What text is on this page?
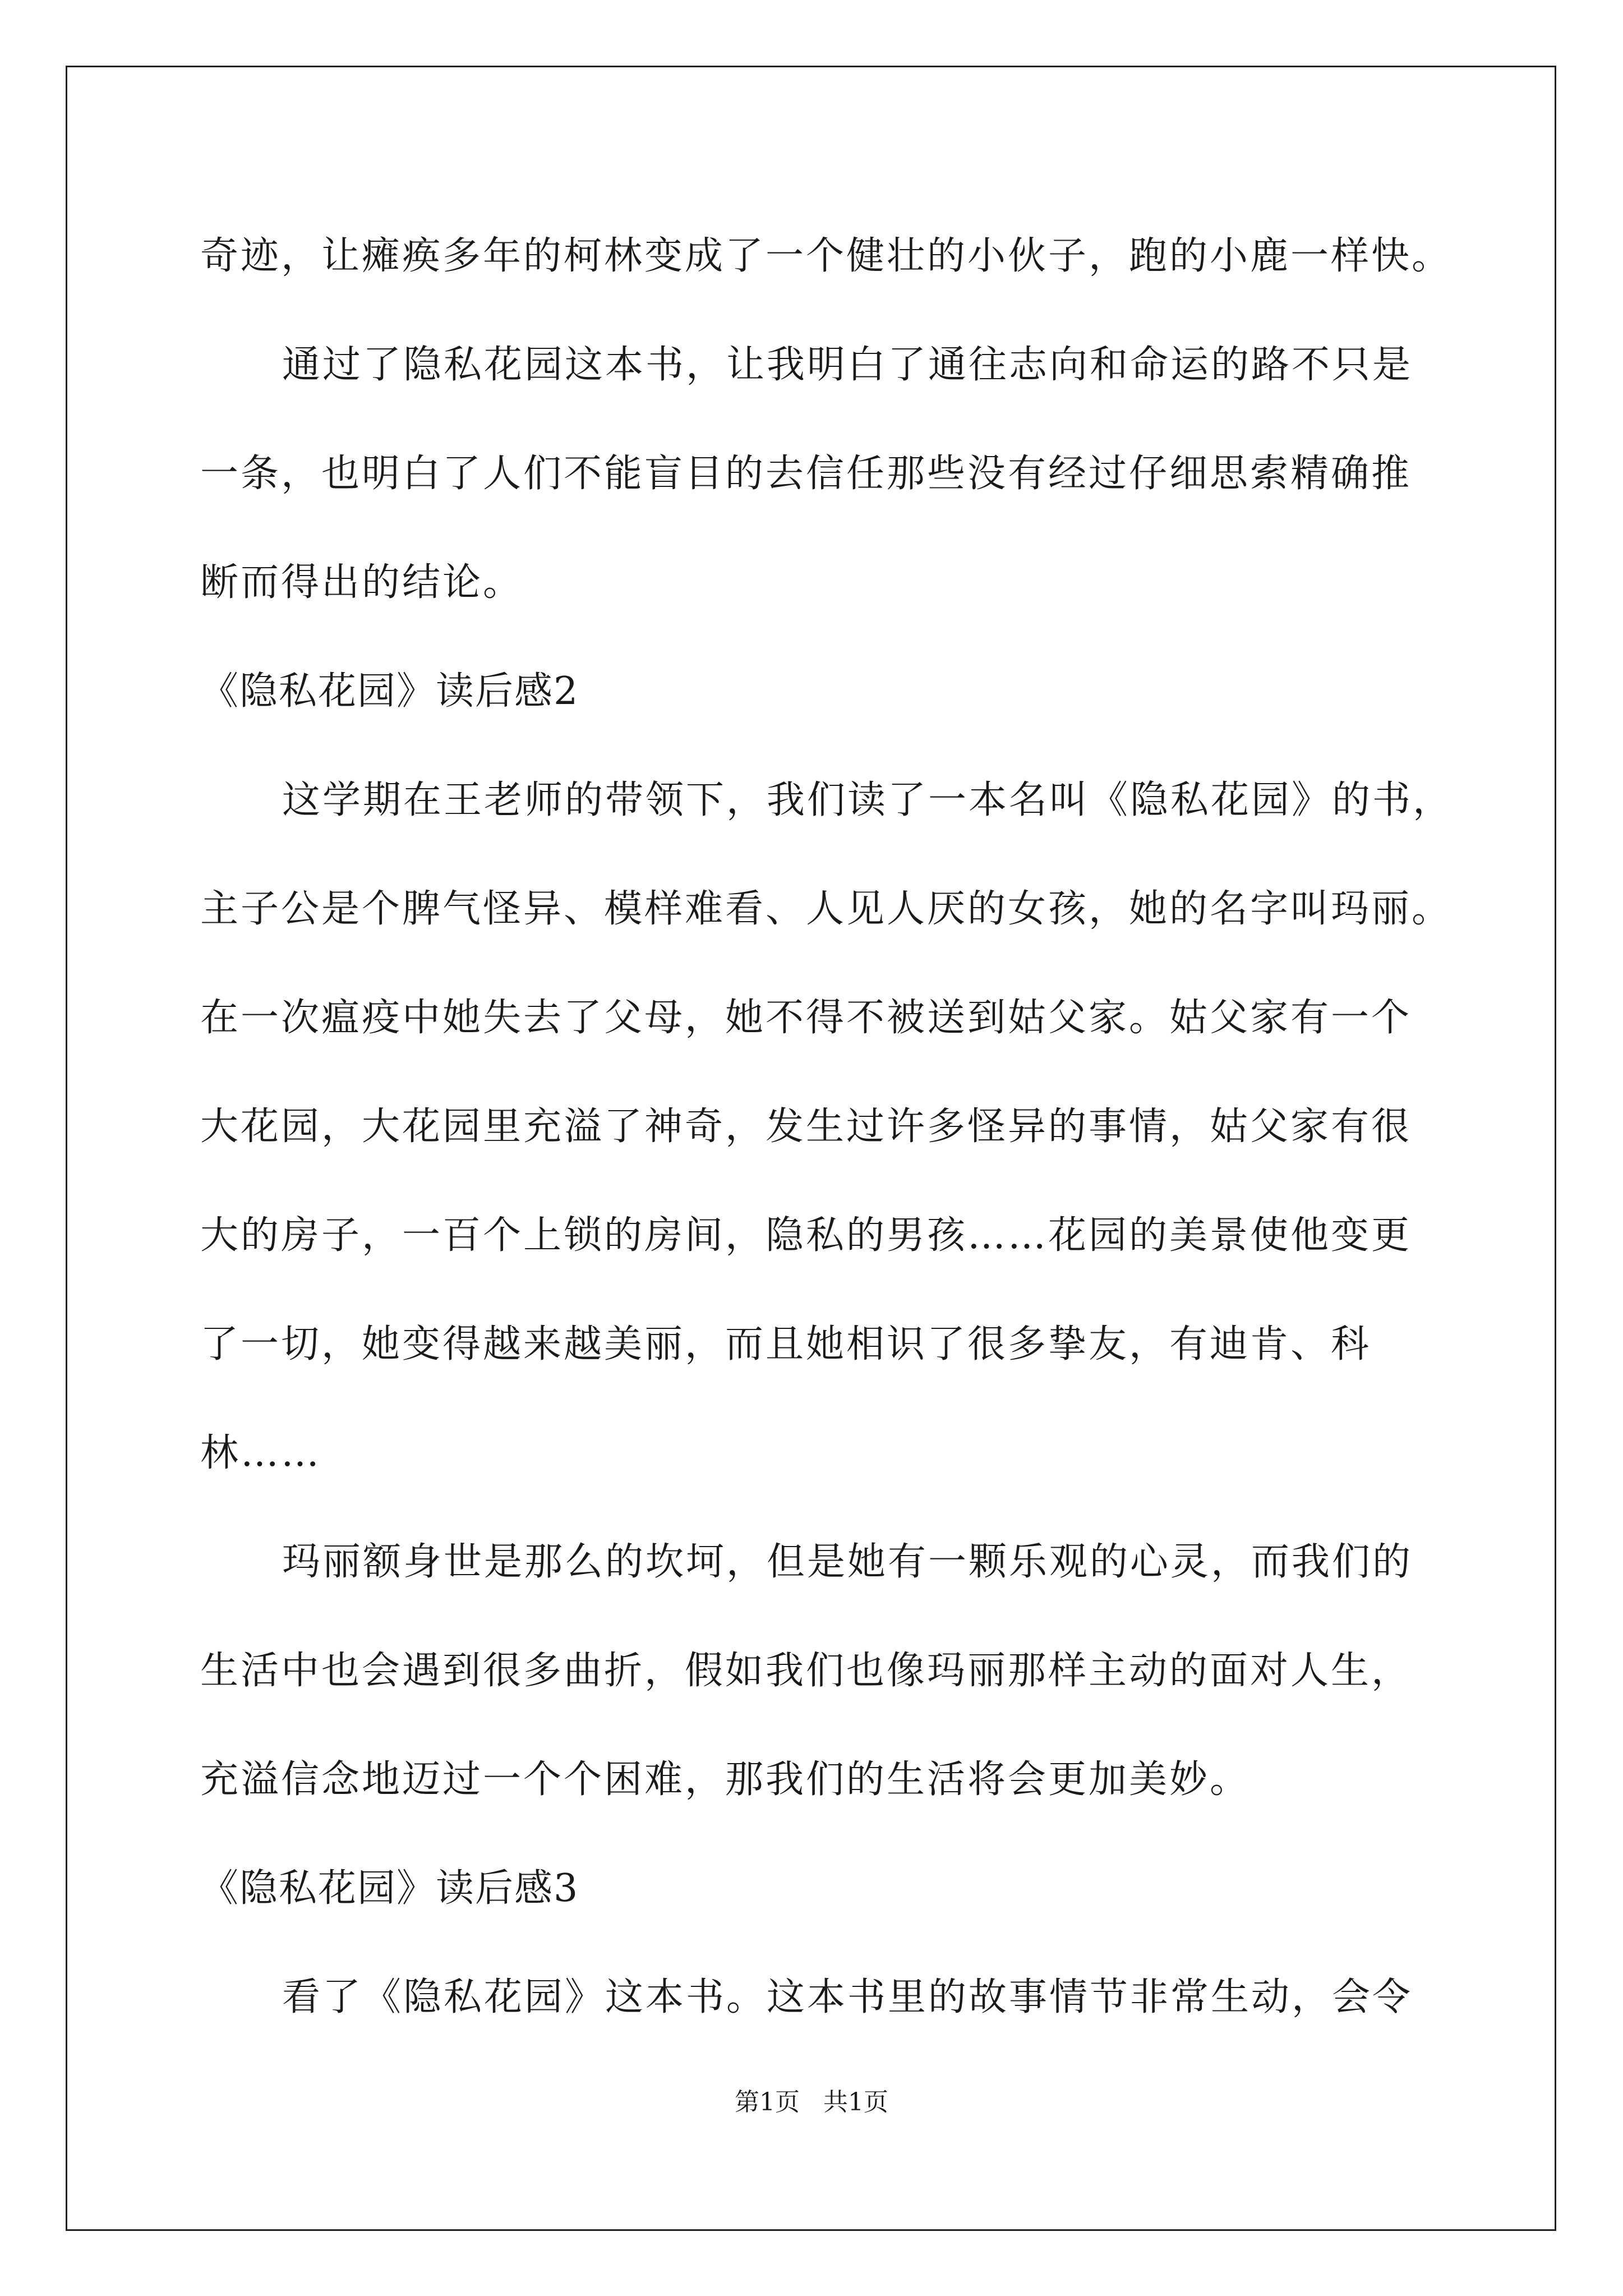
奇迹，让瘫痪多年的柯林变成了一个健壮的小伙子，跑的小鹿一样快。
通过了隐私花园这本书，让我明白了通往志向和命运的路不只是
一条，也明白了人们不能盲目的去信任那些没有经过仔细思索精确推
断而得出的结论。
《隐私花园》读后感2
这学期在王老师的带领下，我们读了一本名叫《隐私花园》的书，
主子公是个脾气怪异、模样难看、人见人厌的女孩，她的名字叫玛丽。
在一次瘟疫中她失去了父母，她不得不被送到姑父家。姑父家有一个
大花园，大花园里充溢了神奇，发生过许多怪异的事情，姑父家有很
大的房子，一百个上锁的房间，隐私的男孩……花园的美景使他变更
了一切，她变得越来越美丽，而且她相识了很多挚友，有迪肯、科
林……
玛丽额身世是那么的坎坷，但是她有一颗乐观的心灵，而我们的
生活中也会遇到很多曲折，假如我们也像玛丽那样主动的面对人生，
充溢信念地迈过一个个困难，那我们的生活将会更加美妙。
《隐私花园》读后感3
看了《隐私花园》这本书。这本书里的故事情节非常生动，会令
第1页 共1页
